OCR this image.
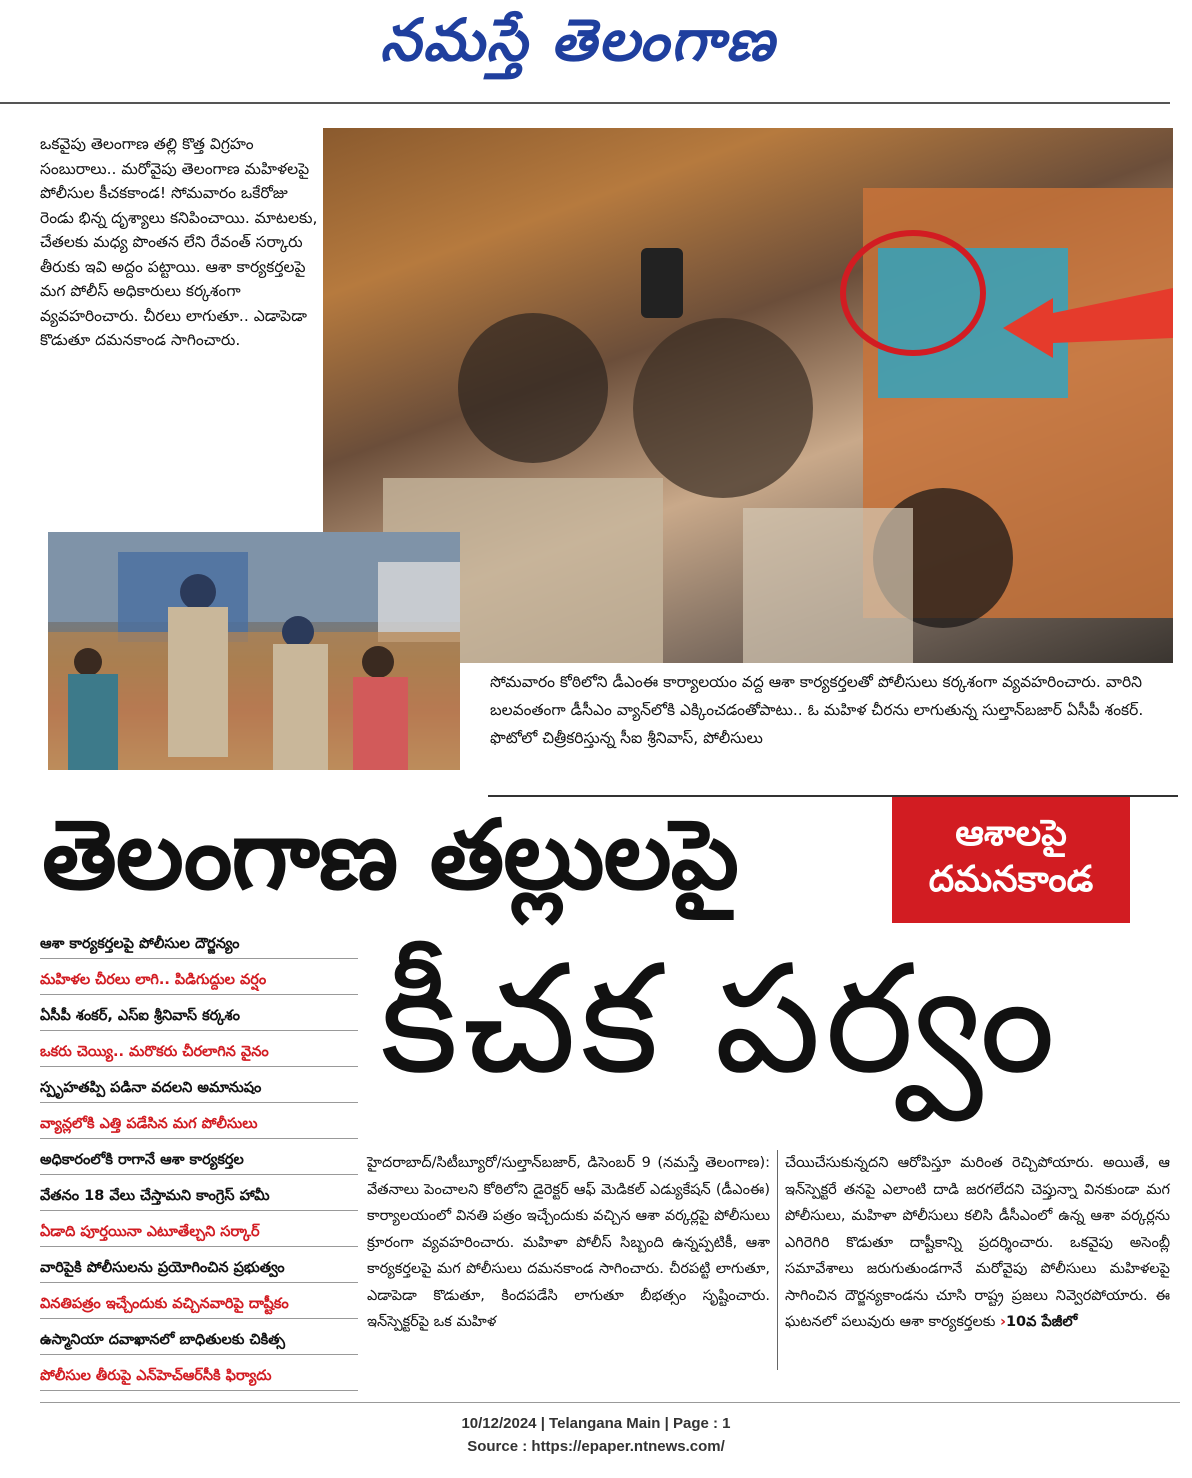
నమస్తే తెలంగాణ

ఒకవైపు తెలంగాణ తల్లి కొత్త విగ్రహం సంబురాలు.. మరోవైపు తెలంగాణ మహిళలపై పోలీసుల కీచకకాండ! సోమవారం ఒకేరోజు రెండు భిన్న దృశ్యాలు కనిపించాయి. మాటలకు, చేతలకు మధ్య పొంతన లేని రేవంత్ సర్కారు తీరుకు ఇవి అద్దం పట్టాయి. ఆశా కార్యకర్తలపై మగ పోలీస్ అధికారులు కర్కశంగా వ్యవహరించారు. చీరలు లాగుతూ.. ఎడాపెడా కొడుతూ దమనకాండ సాగించారు.

సోమవారం కోఠిలోని డీఎంఈ కార్యాలయం వద్ద ఆశా కార్యకర్తలతో పోలీసులు కర్కశంగా వ్యవహరించారు. వారిని బలవంతంగా డీసీఎం వ్యాన్‌లోకి ఎక్కించడంతోపాటు.. ఓ మహిళ చీరను లాగుతున్న సుల్తాన్‌బజార్ ఏసీపీ శంకర్. ఫొటోలో చిత్రీకరిస్తున్న సీఐ శ్రీనివాస్, పోలీసులు
తెలంగాణ తల్లులపై	ఆశాలపై
దమనకాండ
కీచక పర్వం
ఆశా కార్యకర్తలపై పోలీసుల దౌర్జన్యం
మహిళల చీరలు లాగి.. పిడిగుద్దుల వర్షం
ఏసీపీ శంకర్, ఎస్‌ఐ శ్రీనివాస్ కర్కశం
ఒకరు చెయ్యి.. మరొకరు చీరలాగిన వైనం
స్పృహతప్పి పడినా వదలని అమానుషం
వ్యాన్లలోకి ఎత్తి పడేసిన మగ పోలీసులు
అధికారంలోకి రాగానే ఆశా కార్యకర్తల
వేతనం 18 వేలు చేస్తామని కాంగ్రెస్ హామీ
ఏడాది పూర్తయినా ఎటూతేల్చని సర్కార్
వారిపైకి పోలీసులను ప్రయోగించిన ప్రభుత్వం
వినతిపత్రం ఇచ్చేందుకు వచ్చినవారిపై దాష్టీకం
ఉస్మానియా దవాఖానలో బాధితులకు చికిత్స
పోలీసుల తీరుపై ఎన్‌హెచ్‌ఆర్‌సీకి ఫిర్యాదు

హైదరాబాద్/సిటీబ్యూరో/సుల్తాన్‌బజార్, డిసెంబర్ 9 (నమస్తే తెలంగాణ): వేతనాలు పెంచాలని కోఠిలోని డైరెక్టర్ ఆఫ్ మెడికల్ ఎడ్యుకేషన్ (డీఎంఈ) కార్యాలయంలో వినతి పత్రం ఇచ్చేందుకు వచ్చిన ఆశా వర్కర్లపై పోలీసులు క్రూరంగా వ్యవహరించారు. మహిళా పోలీస్ సిబ్బంది ఉన్నప్పటికీ, ఆశా కార్యకర్తలపై మగ పోలీసులు దమనకాండ సాగించారు. చీరపట్టి లాగుతూ, ఎడాపెడా కొడుతూ, కిందపడేసి లాగుతూ బీభత్సం సృష్టించారు. ఇన్‌స్పెక్టర్‌పై ఒక మహిళ

చేయిచేసుకున్నదని ఆరోపిస్తూ మరింత రెచ్చిపోయారు. అయితే, ఆ ఇన్‌స్పెక్టరే తనపై ఎలాంటి దాడి జరగలేదని చెప్తున్నా వినకుండా మగ పోలీసులు, మహిళా పోలీసులు కలిసి డీసీఎంలో ఉన్న ఆశా వర్కర్లను ఎగిరెగిరి కొడుతూ దాష్టీకాన్ని ప్రదర్శించారు. ఒకవైపు అసెంబ్లీ సమావేశాలు జరుగుతుండగానే మరోవైపు పోలీసులు మహిళలపై సాగించిన దౌర్జన్యకాండను చూసి రాష్ట్ర ప్రజలు నివ్వెరపోయారు. ఈ ఘటనలో పలువురు ఆశా కార్యకర్తలకు ›10వ పేజీలో

10/12/2024 | Telangana Main | Page : 1
Source : https://epaper.ntnews.com/
